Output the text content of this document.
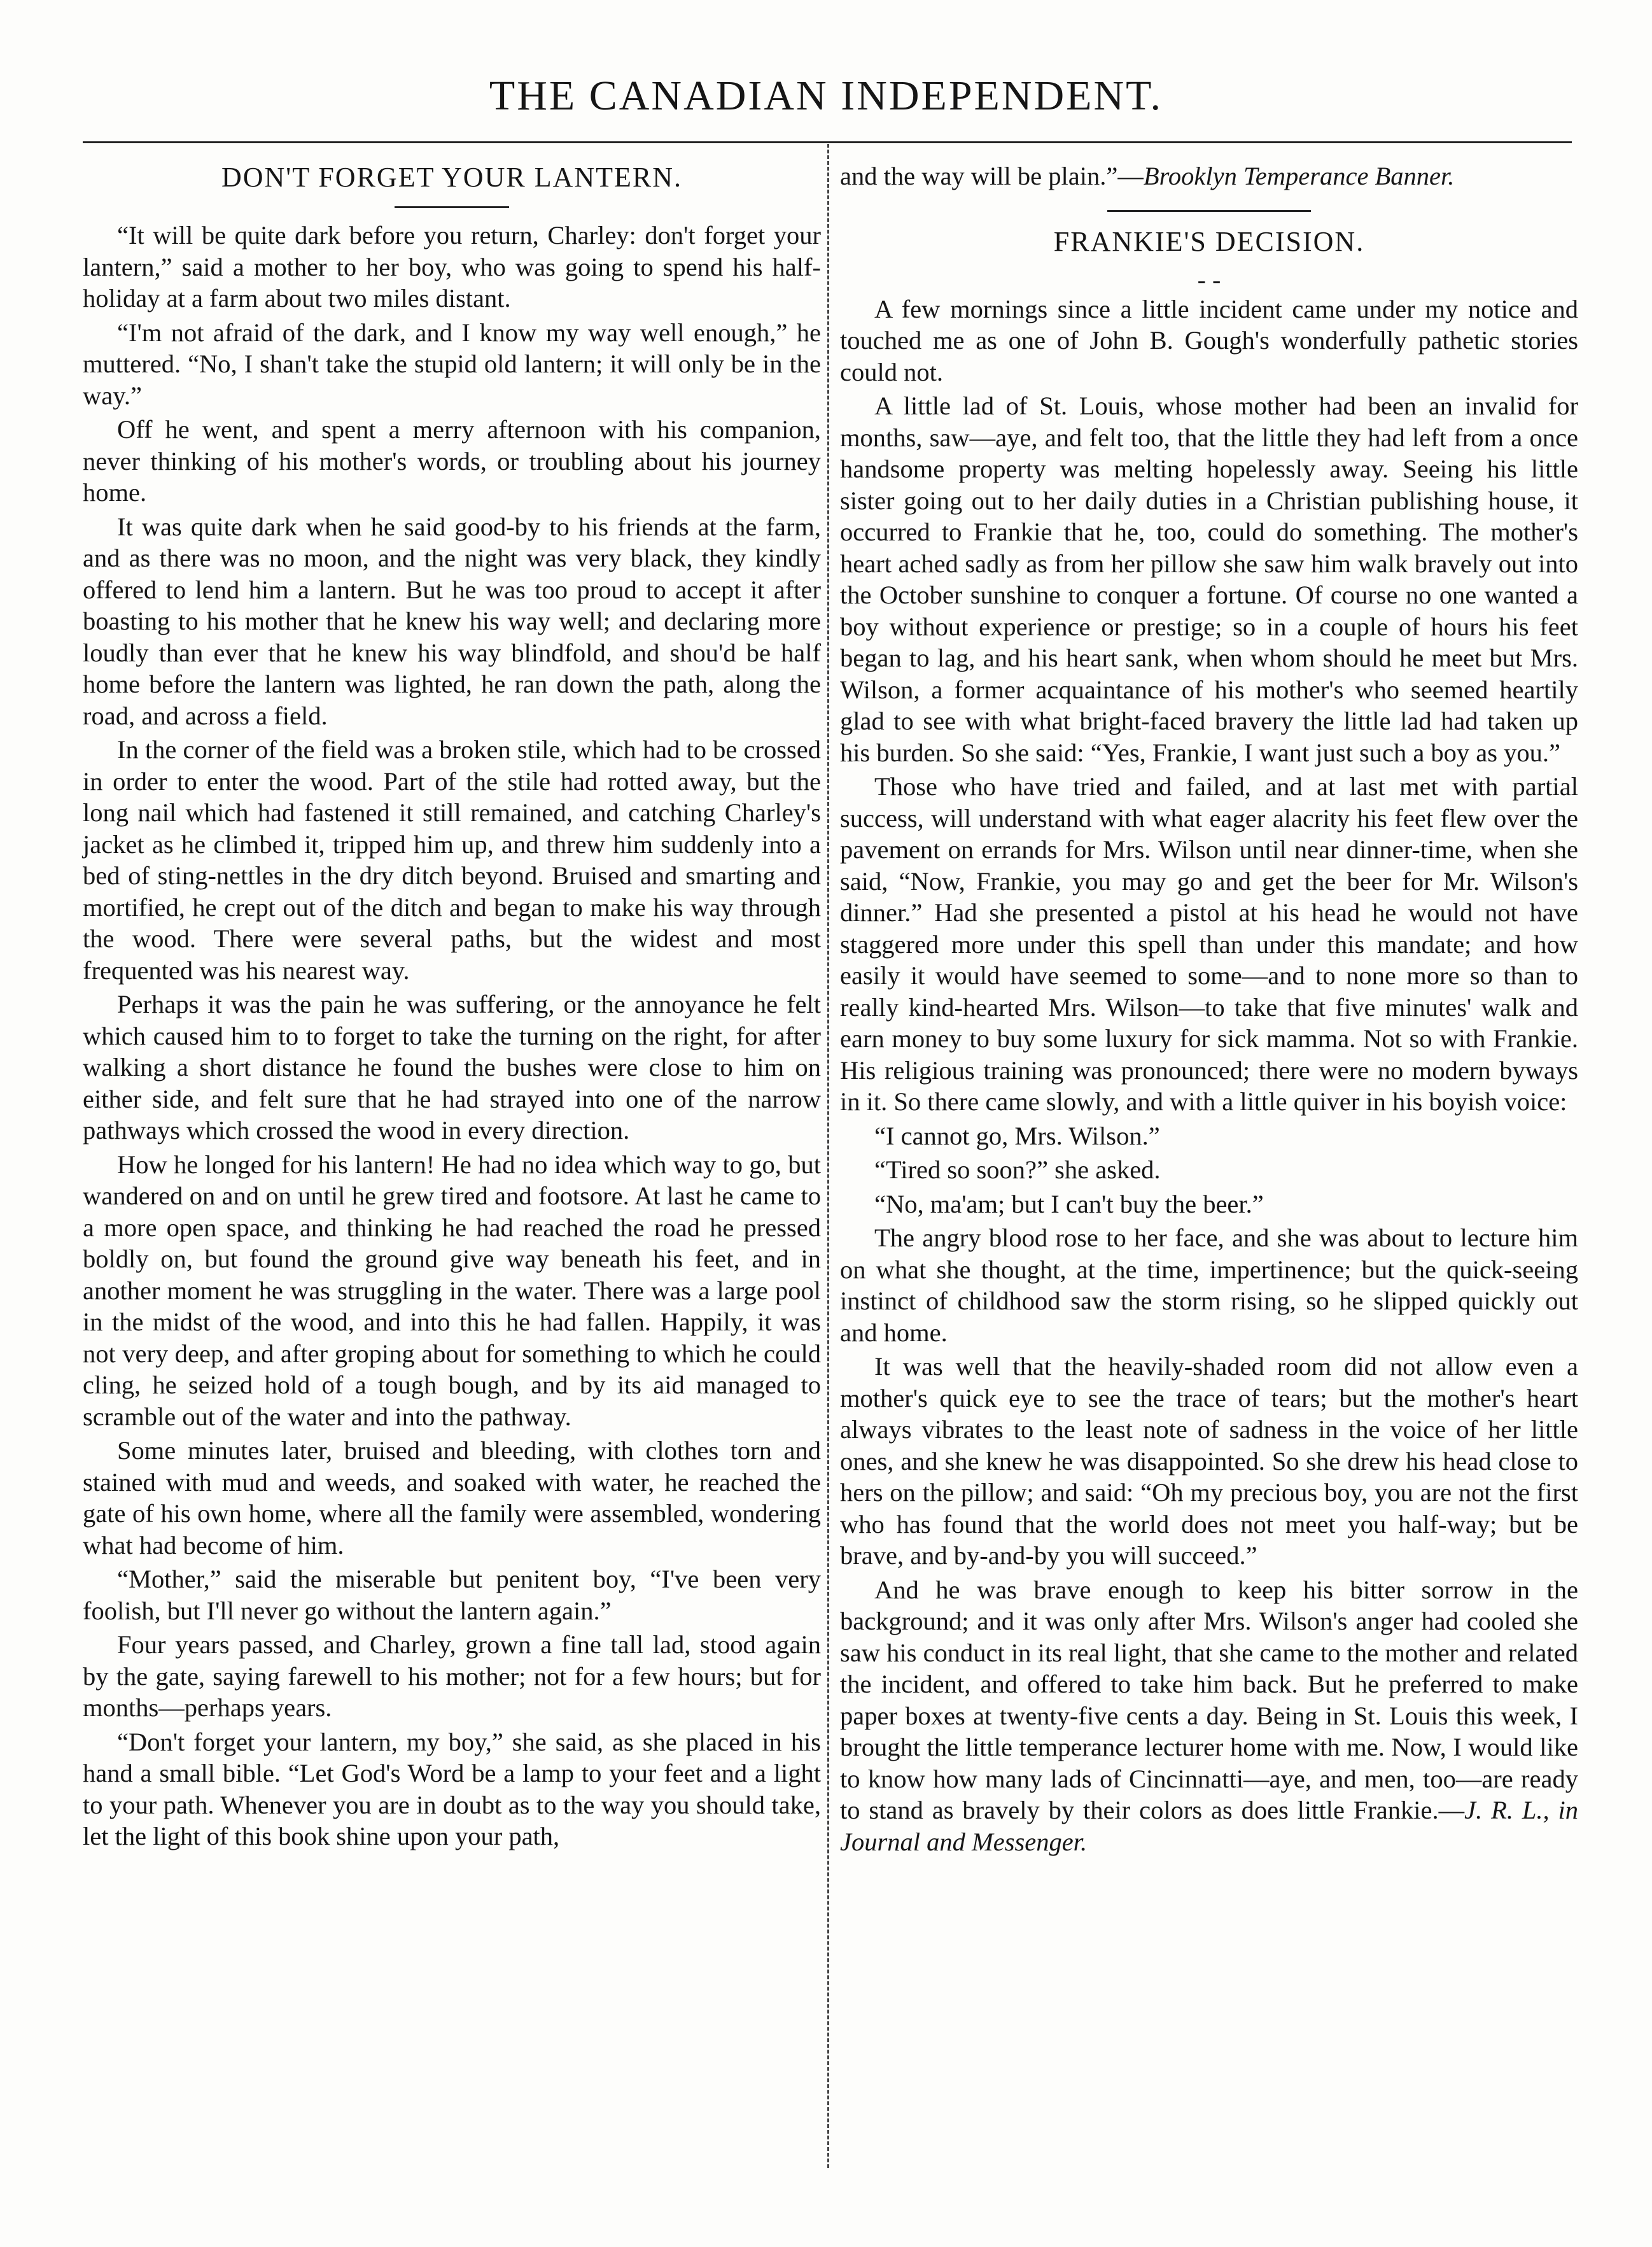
THE CANADIAN INDEPENDENT.
DON'T FORGET YOUR LANTERN.

“It will be quite dark before you return, Charley: don't forget your lantern,” said a mother to her boy, who was going to spend his half-holiday at a farm about two miles distant.

“I'm not afraid of the dark, and I know my way well enough,” he muttered. “No, I shan't take the stupid old lantern; it will only be in the way.”

Off he went, and spent a merry afternoon with his companion, never thinking of his mother's words, or troubling about his journey home.

It was quite dark when he said good-by to his friends at the farm, and as there was no moon, and the night was very black, they kindly offered to lend him a lantern. But he was too proud to accept it after boasting to his mother that he knew his way well; and declaring more loudly than ever that he knew his way blindfold, and shou'd be half home before the lantern was lighted, he ran down the path, along the road, and across a field.

In the corner of the field was a broken stile, which had to be crossed in order to enter the wood. Part of the stile had rotted away, but the long nail which had fastened it still remained, and catching Charley's jacket as he climbed it, tripped him up, and threw him suddenly into a bed of sting-nettles in the dry ditch beyond. Bruised and smarting and mortified, he crept out of the ditch and began to make his way through the wood. There were several paths, but the widest and most frequented was his nearest way.

Perhaps it was the pain he was suffering, or the annoyance he felt which caused him to to forget to take the turning on the right, for after walking a short distance he found the bushes were close to him on either side, and felt sure that he had strayed into one of the narrow pathways which crossed the wood in every direction.

How he longed for his lantern! He had no idea which way to go, but wandered on and on until he grew tired and footsore. At last he came to a more open space, and thinking he had reached the road he pressed boldly on, but found the ground give way beneath his feet, and in another moment he was struggling in the water. There was a large pool in the midst of the wood, and into this he had fallen. Happily, it was not very deep, and after groping about for something to which he could cling, he seized hold of a tough bough, and by its aid managed to scramble out of the water and into the pathway.

Some minutes later, bruised and bleeding, with clothes torn and stained with mud and weeds, and soaked with water, he reached the gate of his own home, where all the family were assembled, wondering what had become of him.

“Mother,” said the miserable but penitent boy, “I've been very foolish, but I'll never go without the lantern again.”

Four years passed, and Charley, grown a fine tall lad, stood again by the gate, saying farewell to his mother; not for a few hours; but for months—perhaps years.

“Don't forget your lantern, my boy,” she said, as she placed in his hand a small bible. “Let God's Word be a lamp to your feet and a light to your path. Whenever you are in doubt as to the way you should take, let the light of this book shine upon your path,

and the way will be plain.”—Brooklyn Temperance Banner.

FRANKIE'S DECISION.
- -

A few mornings since a little incident came under my notice and touched me as one of John B. Gough's wonderfully pathetic stories could not.

A little lad of St. Louis, whose mother had been an invalid for months, saw—aye, and felt too, that the little they had left from a once handsome property was melting hopelessly away. Seeing his little sister going out to her daily duties in a Christian publishing house, it occurred to Frankie that he, too, could do something. The mother's heart ached sadly as from her pillow she saw him walk bravely out into the October sunshine to conquer a fortune. Of course no one wanted a boy without experience or prestige; so in a couple of hours his feet began to lag, and his heart sank, when whom should he meet but Mrs. Wilson, a former acquaintance of his mother's who seemed heartily glad to see with what bright-faced bravery the little lad had taken up his burden. So she said: “Yes, Frankie, I want just such a boy as you.”

Those who have tried and failed, and at last met with partial success, will understand with what eager alacrity his feet flew over the pavement on errands for Mrs. Wilson until near dinner-time, when she said, “Now, Frankie, you may go and get the beer for Mr. Wilson's dinner.” Had she presented a pistol at his head he would not have staggered more under this spell than under this mandate; and how easily it would have seemed to some—and to none more so than to really kind-hearted Mrs. Wilson—to take that five minutes' walk and earn money to buy some luxury for sick mamma. Not so with Frankie. His religious training was pronounced; there were no modern byways in it. So there came slowly, and with a little quiver in his boyish voice:

“I cannot go, Mrs. Wilson.”

“Tired so soon?” she asked.

“No, ma'am; but I can't buy the beer.”

The angry blood rose to her face, and she was about to lecture him on what she thought, at the time, impertinence; but the quick-seeing instinct of childhood saw the storm rising, so he slipped quickly out and home.

It was well that the heavily-shaded room did not allow even a mother's quick eye to see the trace of tears; but the mother's heart always vibrates to the least note of sadness in the voice of her little ones, and she knew he was disappointed. So she drew his head close to hers on the pillow; and said: “Oh my precious boy, you are not the first who has found that the world does not meet you half-way; but be brave, and by-and-by you will succeed.”

And he was brave enough to keep his bitter sorrow in the background; and it was only after Mrs. Wilson's anger had cooled she saw his conduct in its real light, that she came to the mother and related the incident, and offered to take him back. But he preferred to make paper boxes at twenty-five cents a day. Being in St. Louis this week, I brought the little temperance lecturer home with me. Now, I would like to know how many lads of Cincinnatti—aye, and men, too—are ready to stand as bravely by their colors as does little Frankie.—J. R. L., in Journal and Messenger.
